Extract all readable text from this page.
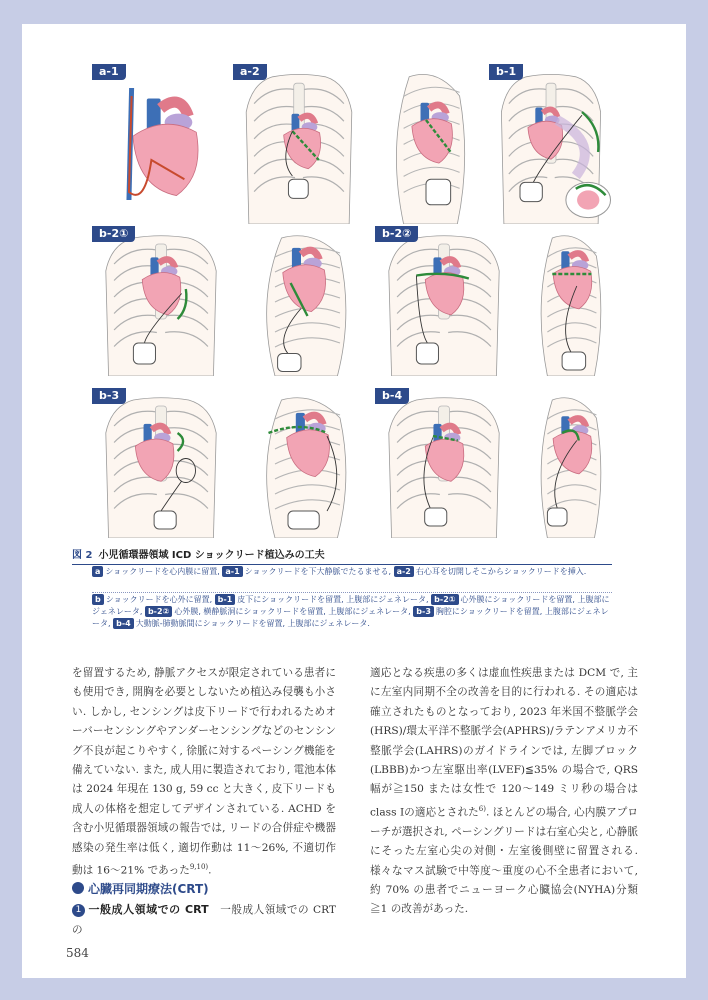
a-1	a-2	b-1
b-2①	b-2②
b-3	b-4
図 2 小児循環器領域 ICD ショックリード植込みの工夫
a ショックリードを心内膜に留置, a-1 ショックリードを下大静脈でたるませる, a-2 右心耳を切開しそこからショックリードを挿入.
b ショックリードを心外に留置, b-1 皮下にショックリードを留置, 上腹部にジェネレータ, b-2① 心外膜にショックリードを留置, 上腹部にジェネレータ, b-2② 心外膜, 横静脈洞にショックリードを留置, 上腹部にジェネレータ, b-3 胸腔にショックリードを留置, 上腹部にジェネレータ, b-4 大動脈-肺動脈間にショックリードを留置, 上腹部にジェネレータ.

を留置するため, 静脈アクセスが限定されている患者にも使用でき, 開胸を必要としないため植込み侵襲も小さい. しかし, センシングは皮下リードで行われるためオーバーセンシングやアンダーセンシングなどのセンシング不良が起こりやすく, 徐脈に対するペーシング機能を備えていない. また, 成人用に製造されており, 電池本体は 2024 年現在 130 g, 59 cc と大きく, 皮下リードも成人の体格を想定してデザインされている. ACHD を含む小児循環器領域の報告では, リードの合併症や機器感染の発生率は低く, 適切作動は 11〜26%, 不適切作動は 16〜21% であった$^{9,10)}$.

心臓再同期療法(CRT)

1 一般成人領域での CRT　 一般成人領域での CRT の

適応となる疾患の多くは虚血性疾患または DCM で, 主に左室内同期不全の改善を目的に行われる. その適応は確立されたものとなっており, 2023 年米国不整脈学会(HRS)/環太平洋不整脈学会(APHRS)/ラテンアメリカ不整脈学会(LAHRS)のガイドラインでは, 左脚ブロック(LBBB)かつ左室駆出率(LVEF)≦35% の場合で, QRS 幅が≧150 または女性で 120〜149 ミリ秒の場合は class Ⅰの適応とされた$^{6)}$. ほとんどの場合, 心内膜アプローチが選択され, ペーシングリードは右室心尖と, 心静脈にそった左室心尖の対側・左室後側壁に留置される. 様々なマス試験で中等度〜重度の心不全患者において, 約 70% の患者でニューヨーク心臓協会(NYHA)分類≧1 の改善があった.

584
